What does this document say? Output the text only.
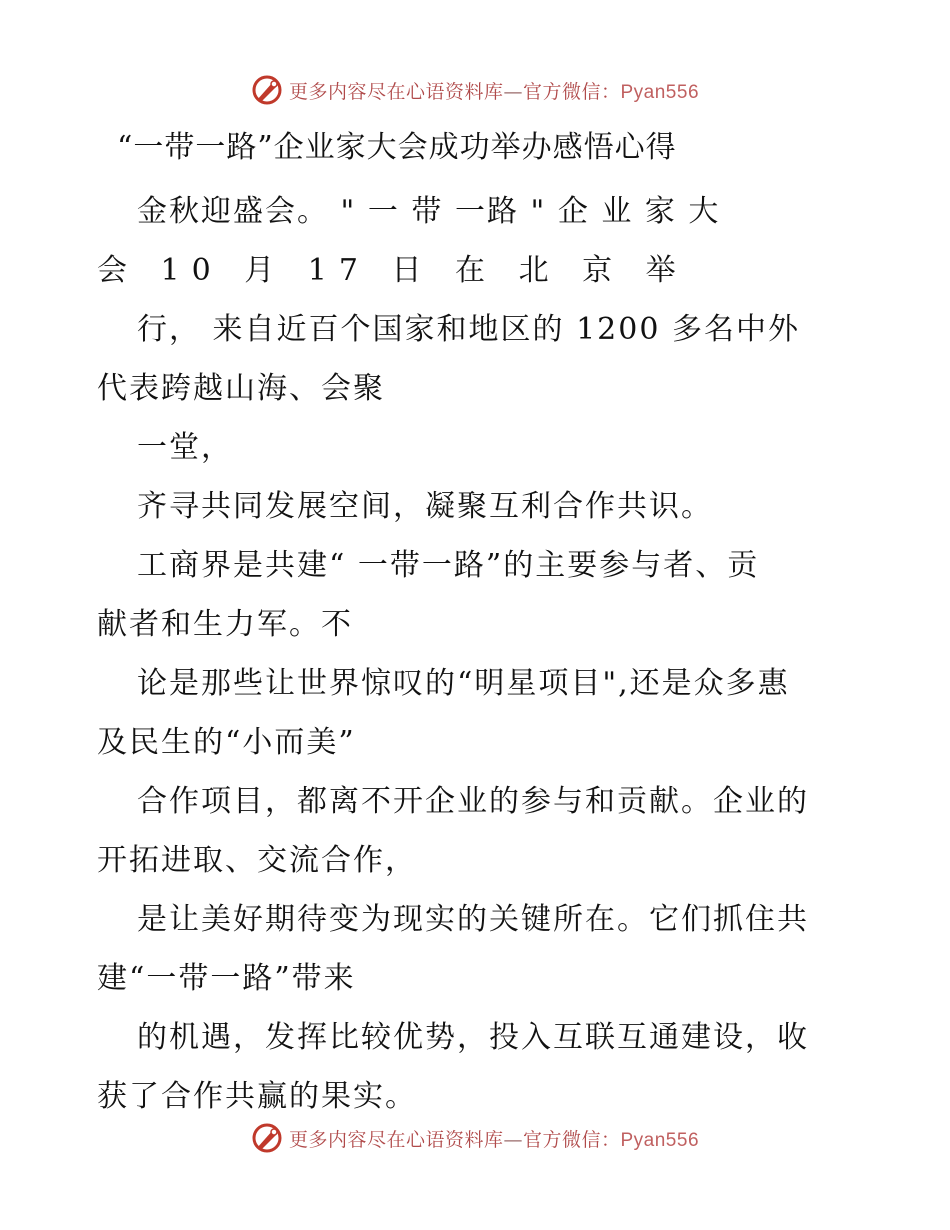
更多内容尽在心语资料库—官方微信：Pyan556
“一带一路”企业家大会成功举办感悟心得

金秋迎盛会。 " 一 带 一路 " 企 业 家 大

会 10 月 17 日 在 北 京 举

行， 来自近百个国家和地区的 1200 多名中外

代表跨越山海、会聚

一堂，

齐寻共同发展空间，凝聚互利合作共识。

工商界是共建“ 一带一路”的主要参与者、贡

献者和生力军。不

论是那些让世界惊叹的“明星项目",还是众多惠

及民生的“小而美”

合作项目，都离不开企业的参与和贡献。企业的

开拓进取、交流合作，

是让美好期待变为现实的关键所在。它们抓住共

建“一带一路”带来

的机遇，发挥比较优势，投入互联互通建设，收

获了合作共赢的果实。

更多内容尽在心语资料库—官方微信：Pyan556
